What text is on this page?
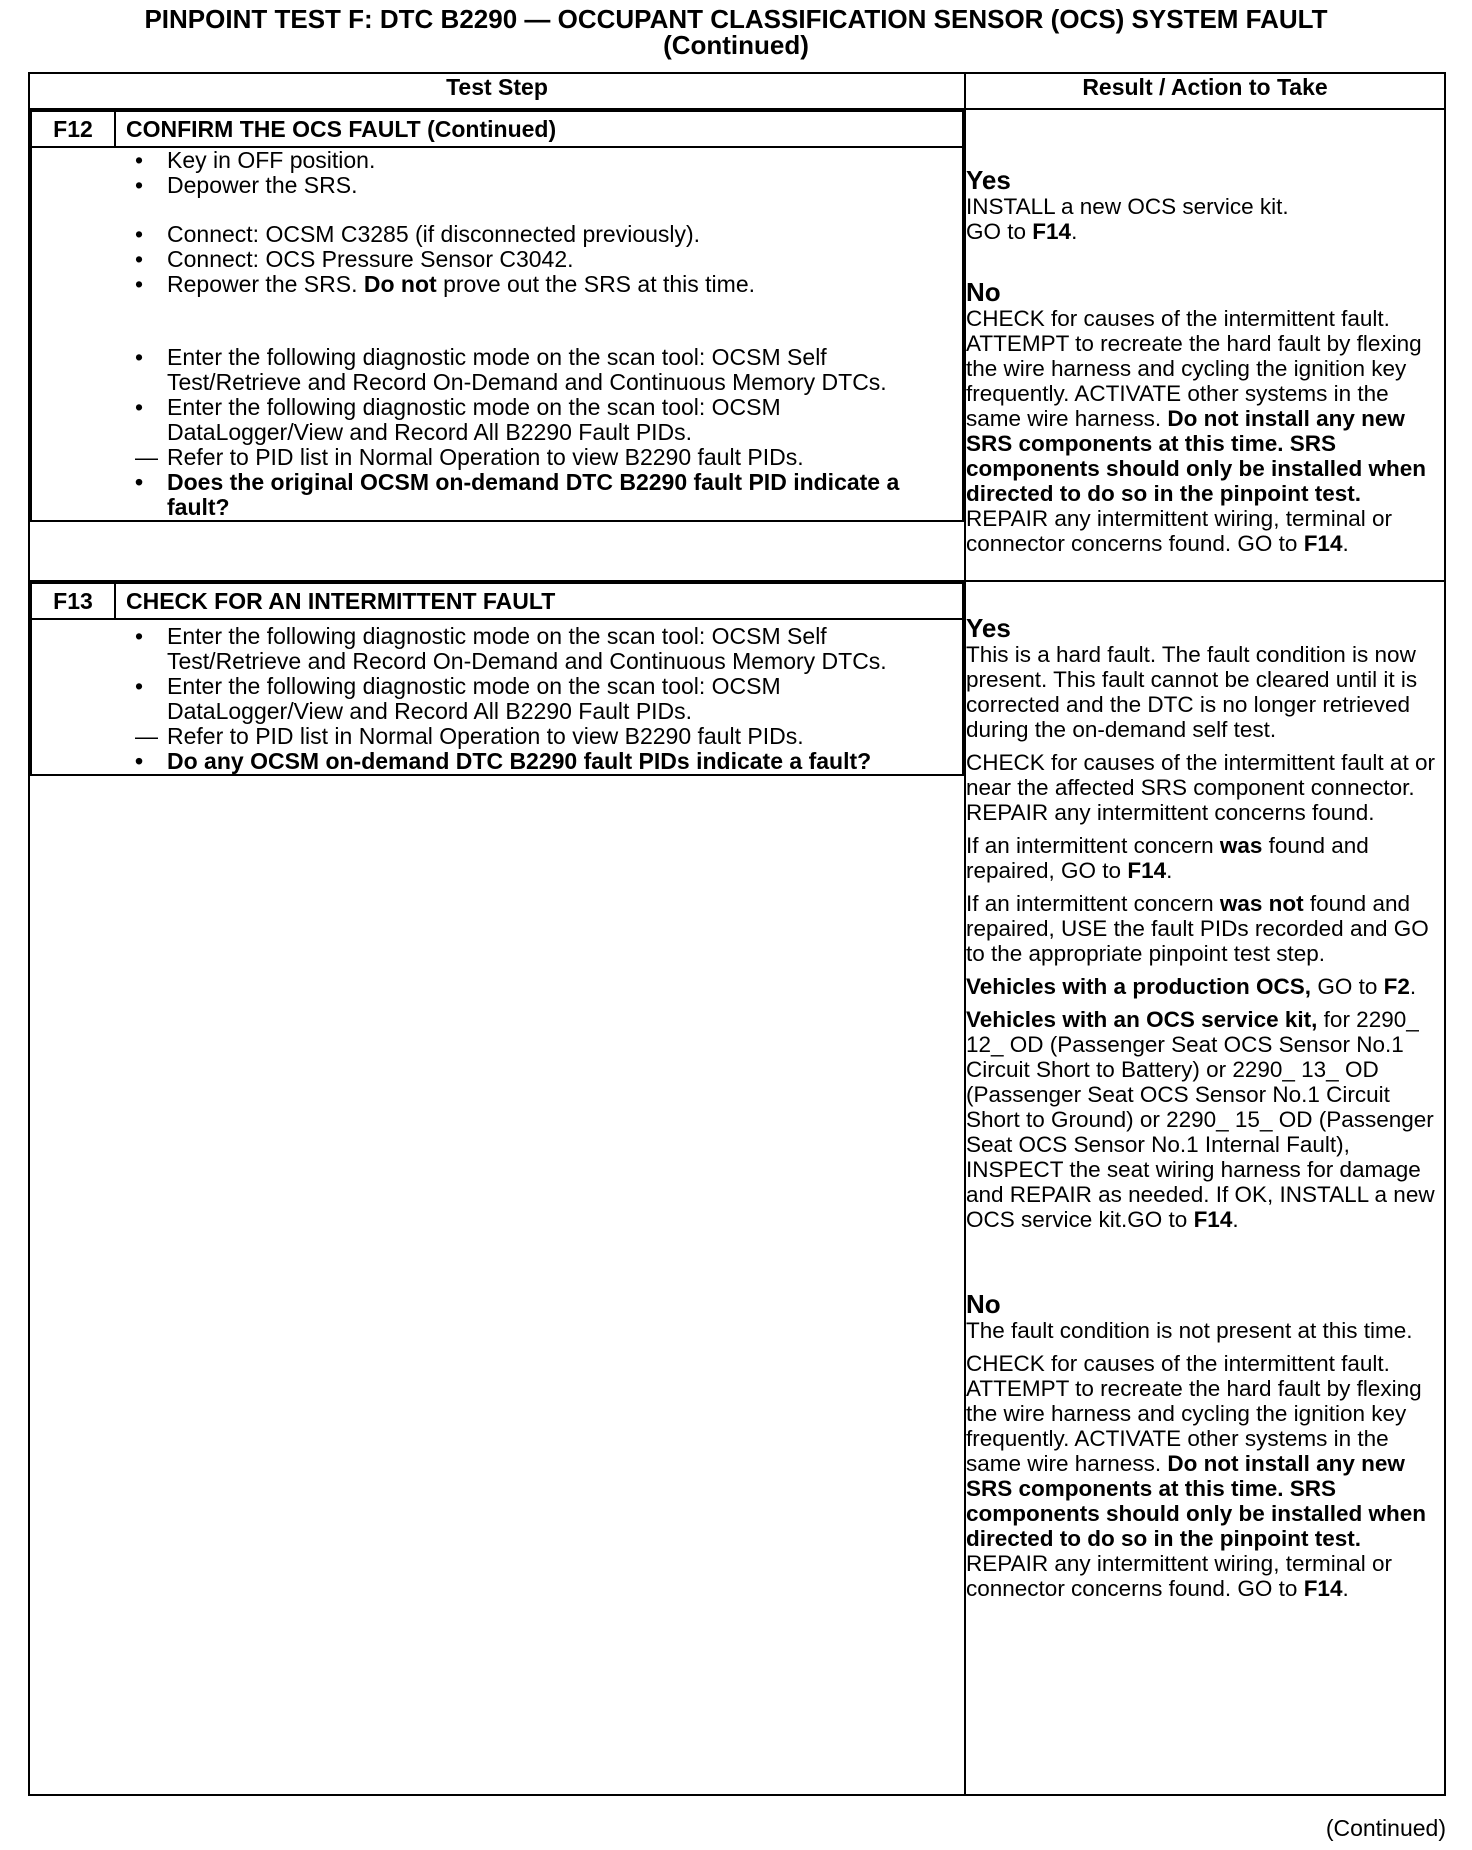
PINPOINT TEST F: DTC B2290 — OCCUPANT CLASSIFICATION SENSOR (OCS) SYSTEM FAULT
(Continued)
Test Step	Result / Action to Take

F12	CONFIRM THE OCS FAULT (Continued)

• Key in OFF position.
• Depower the SRS.
• Connect: OCSM C3285 (if disconnected previously).
• Connect: OCS Pressure Sensor C3042.
• Repower the SRS. Do not prove out the SRS at this time.
• Enter the following diagnostic mode on the scan tool: OCSM Self Test/Retrieve and Record On-Demand and Continuous Memory DTCs.
• Enter the following diagnostic mode on the scan tool: OCSM DataLogger/View and Record All B2290 Fault PIDs.
— Refer to PID list in Normal Operation to view B2290 fault PIDs.
• Does the original OCSM on-demand DTC B2290 fault PID indicate a fault?

Yes

INSTALL a new OCS service kit.

GO to F14.

No

CHECK for causes of the intermittent fault. ATTEMPT to recreate the hard fault by flexing the wire harness and cycling the ignition key frequently. ACTIVATE other systems in the same wire harness. Do not install any new SRS components at this time. SRS components should only be installed when directed to do so in the pinpoint test. REPAIR any intermittent wiring, terminal or connector concerns found. GO to F14.

F13	CHECK FOR AN INTERMITTENT FAULT

• Enter the following diagnostic mode on the scan tool: OCSM Self Test/Retrieve and Record On-Demand and Continuous Memory DTCs.
• Enter the following diagnostic mode on the scan tool: OCSM DataLogger/View and Record All B2290 Fault PIDs.
— Refer to PID list in Normal Operation to view B2290 fault PIDs.
• Do any OCSM on-demand DTC B2290 fault PIDs indicate a fault?

Yes

This is a hard fault. The fault condition is now present. This fault cannot be cleared until it is corrected and the DTC is no longer retrieved during the on-demand self test.

CHECK for causes of the intermittent fault at or near the affected SRS component connector. REPAIR any intermittent concerns found.

If an intermittent concern was found and repaired, GO to F14.

If an intermittent concern was not found and repaired, USE the fault PIDs recorded and GO to the appropriate pinpoint test step.

Vehicles with a production OCS, GO to F2.

Vehicles with an OCS service kit, for 2290_ 12_ OD (Passenger Seat OCS Sensor No.1 Circuit Short to Battery) or 2290_ 13_ OD (Passenger Seat OCS Sensor No.1 Circuit Short to Ground) or 2290_ 15_ OD (Passenger Seat OCS Sensor No.1 Internal Fault), INSPECT the seat wiring harness for damage and REPAIR as needed. If OK, INSTALL a new OCS service kit.GO to F14.

No

The fault condition is not present at this time.

CHECK for causes of the intermittent fault. ATTEMPT to recreate the hard fault by flexing the wire harness and cycling the ignition key frequently. ACTIVATE other systems in the same wire harness. Do not install any new SRS components at this time. SRS components should only be installed when directed to do so in the pinpoint test. REPAIR any intermittent wiring, terminal or connector concerns found. GO to F14.

(Continued)
